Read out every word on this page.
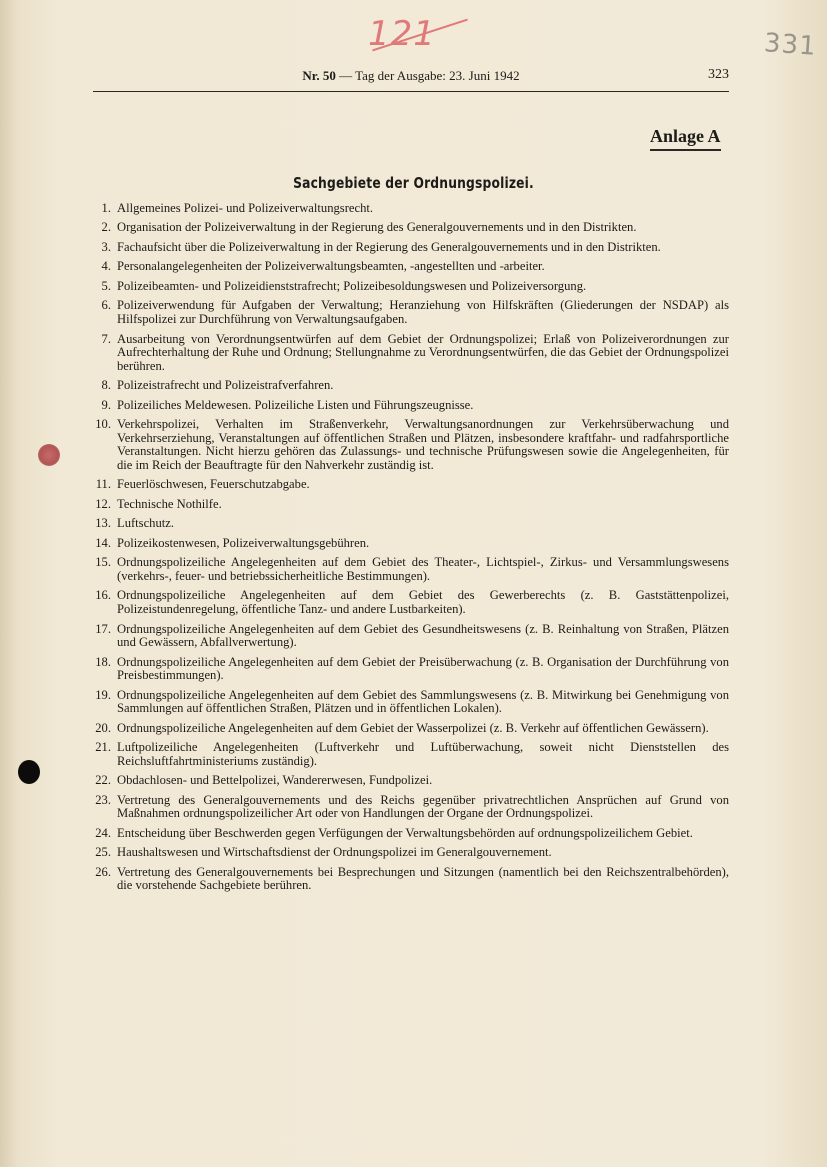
121	331
Nr. 50 — Tag der Ausgabe: 23. Juni 1942	323
Anlage A
Sachgebiete der Ordnungspolizei.
1. Allgemeines Polizei- und Polizeiverwaltungsrecht.
2. Organisation der Polizeiverwaltung in der Regierung des Generalgouvernements und in den Distrikten.
3. Fachaufsicht über die Polizeiverwaltung in der Regierung des Generalgouvernements und in den Distrikten.
4. Personalangelegenheiten der Polizeiverwaltungsbeamten, -angestellten und -arbeiter.
5. Polizeibeamten- und Polizeidienststrafrecht; Polizeibesoldungswesen und Polizeiversorgung.
6. Polizeiverwendung für Aufgaben der Verwaltung; Heranziehung von Hilfskräften (Gliederungen der NSDAP) als Hilfspolizei zur Durchführung von Verwaltungsaufgaben.
7. Ausarbeitung von Verordnungsentwürfen auf dem Gebiet der Ordnungspolizei; Erlaß von Polizeiverordnungen zur Aufrechterhaltung der Ruhe und Ordnung; Stellungnahme zu Verordnungsentwürfen, die das Gebiet der Ordnungspolizei berühren.
8. Polizeistrafrecht und Polizeistrafverfahren.
9. Polizeiliches Meldewesen. Polizeiliche Listen und Führungszeugnisse.
10. Verkehrspolizei, Verhalten im Straßenverkehr, Verwaltungsanordnungen zur Verkehrsüberwachung und Verkehrserziehung, Veranstaltungen auf öffentlichen Straßen und Plätzen, insbesondere kraftfahr- und radfahrsportliche Veranstaltungen. Nicht hierzu gehören das Zulassungs- und technische Prüfungswesen sowie die Angelegenheiten, für die im Reich der Beauftragte für den Nahverkehr zuständig ist.
11. Feuerlöschwesen, Feuerschutzabgabe.
12. Technische Nothilfe.
13. Luftschutz.
14. Polizeikostenwesen, Polizeiverwaltungsgebühren.
15. Ordnungspolizeiliche Angelegenheiten auf dem Gebiet des Theater-, Lichtspiel-, Zirkus- und Versammlungswesens (verkehrs-, feuer- und betriebssicherheitliche Bestimmungen).
16. Ordnungspolizeiliche Angelegenheiten auf dem Gebiet des Gewerberechts (z. B. Gaststättenpolizei, Polizeistundenregelung, öffentliche Tanz- und andere Lustbarkeiten).
17. Ordnungspolizeiliche Angelegenheiten auf dem Gebiet des Gesundheitswesens (z. B. Reinhaltung von Straßen, Plätzen und Gewässern, Abfallverwertung).
18. Ordnungspolizeiliche Angelegenheiten auf dem Gebiet der Preisüberwachung (z. B. Organisation der Durchführung von Preisbestimmungen).
19. Ordnungspolizeiliche Angelegenheiten auf dem Gebiet des Sammlungswesens (z. B. Mitwirkung bei Genehmigung von Sammlungen auf öffentlichen Straßen, Plätzen und in öffentlichen Lokalen).
20. Ordnungspolizeiliche Angelegenheiten auf dem Gebiet der Wasserpolizei (z. B. Verkehr auf öffentlichen Gewässern).
21. Luftpolizeiliche Angelegenheiten (Luftverkehr und Luftüberwachung, soweit nicht Dienststellen des Reichsluftfahrtministeriums zuständig).
22. Obdachlosen- und Bettelpolizei, Wandererwesen, Fundpolizei.
23. Vertretung des Generalgouvernements und des Reichs gegenüber privatrechtlichen Ansprüchen auf Grund von Maßnahmen ordnungspolizeilicher Art oder von Handlungen der Organe der Ordnungspolizei.
24. Entscheidung über Beschwerden gegen Verfügungen der Verwaltungsbehörden auf ordnungspolizeilichem Gebiet.
25. Haushaltswesen und Wirtschaftsdienst der Ordnungspolizei im Generalgouvernement.
26. Vertretung des Generalgouvernements bei Besprechungen und Sitzungen (namentlich bei den Reichszentralbehörden), die vorstehende Sachgebiete berühren.
